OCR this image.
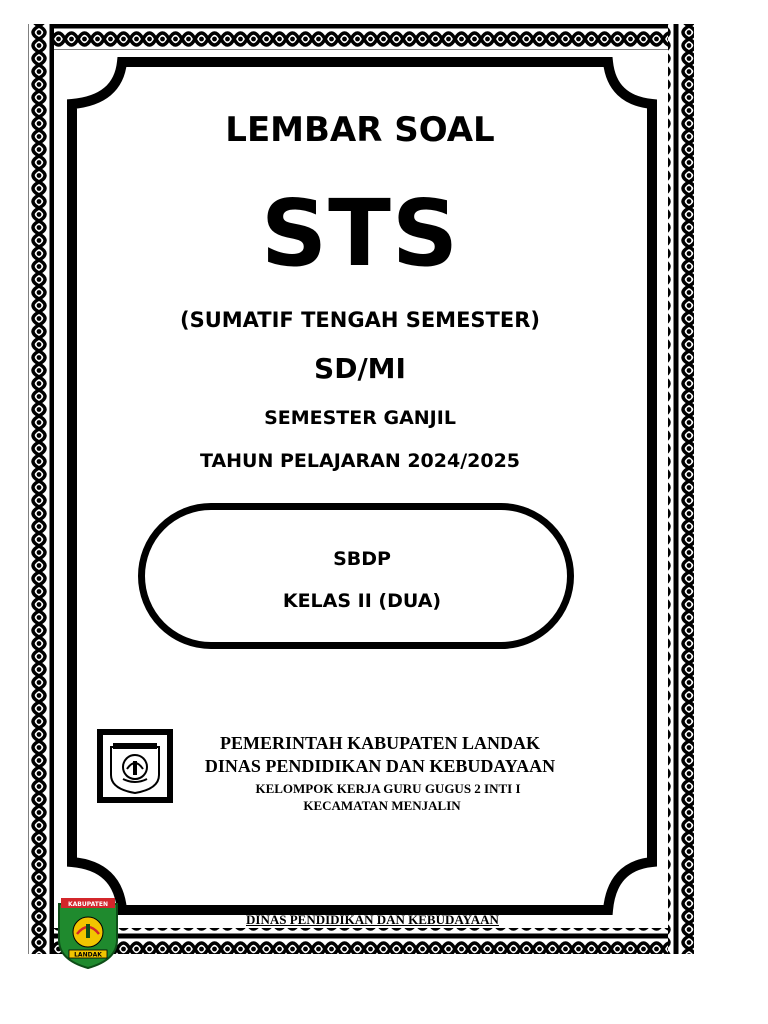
LEMBAR SOAL
STS
(SUMATIF TENGAH SEMESTER)
SD/MI
SEMESTER GANJIL
TAHUN PELAJARAN 2024/2025
SBDP
KELAS II (DUA)
PEMERINTAH KABUPATEN LANDAK
DINAS PENDIDIKAN DAN KEBUDAYAAN
KELOMPOK KERJA GURU GUGUS 2 INTI I
KECAMATAN MENJALIN
DINAS PENDIDIKAN DAN KEBUDAYAAN
KABUPATEN
LANDAK
